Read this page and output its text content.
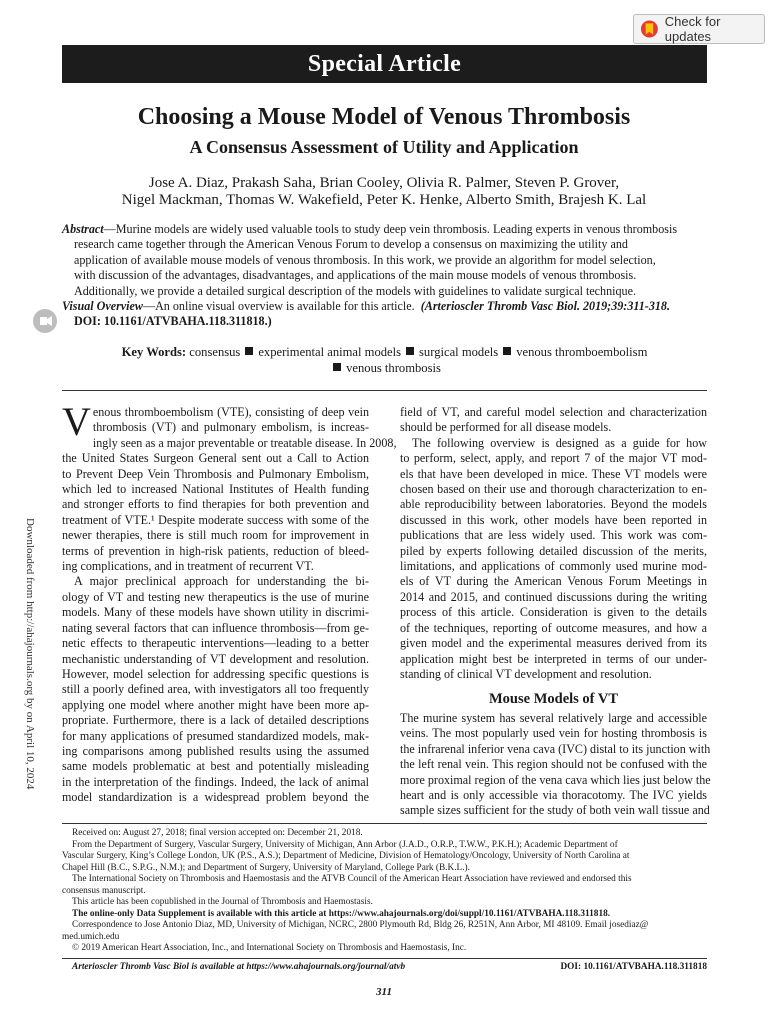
Check for updates
Special Article
Choosing a Mouse Model of Venous Thrombosis
A Consensus Assessment of Utility and Application
Jose A. Diaz, Prakash Saha, Brian Cooley, Olivia R. Palmer, Steven P. Grover,
Nigel Mackman, Thomas W. Wakefield, Peter K. Henke, Alberto Smith, Brajesh K. Lal
Abstract—Murine models are widely used valuable tools to study deep vein thrombosis. Leading experts in venous thrombosis
research came together through the American Venous Forum to develop a consensus on maximizing the utility and
application of available mouse models of venous thrombosis. In this work, we provide an algorithm for model selection,
with discussion of the advantages, disadvantages, and applications of the main mouse models of venous thrombosis.
Additionally, we provide a detailed surgical description of the models with guidelines to validate surgical technique.
Visual Overview—An online visual overview is available for this article. (Arterioscler Thromb Vasc Biol. 2019;39:311-318.
DOI: 10.1161/ATVBAHA.118.311818.)
Key Words: consensus experimental animal models surgical models venous thromboembolism
venous thrombosis
Downloaded from http://ahajournals.org by on April 10, 2024
V enous thromboembolism (VTE), consisting of deep vein
thrombosis (VT) and pulmonary embolism, is increas-
ingly seen as a major preventable or treatable disease. In 2008,
the United States Surgeon General sent out a Call to Action
to Prevent Deep Vein Thrombosis and Pulmonary Embolism,
which led to increased National Institutes of Health funding
and stronger efforts to find therapies for both prevention and
treatment of VTE.¹ Despite moderate success with some of the
newer therapies, there is still much room for improvement in
terms of prevention in high-risk patients, reduction of bleed-
ing complications, and in treatment of recurrent VT.
A major preclinical approach for understanding the bi-
ology of VT and testing new therapeutics is the use of murine
models. Many of these models have shown utility in discrimi-
nating several factors that can influence thrombosis—from ge-
netic effects to therapeutic interventions—leading to a better
mechanistic understanding of VT development and resolution.
However, model selection for addressing specific questions is
still a poorly defined area, with investigators all too frequently
applying one model where another might have been more ap-
propriate. Furthermore, there is a lack of detailed descriptions
for many applications of presumed standardized models, mak-
ing comparisons among published results using the assumed
same models problematic at best and potentially misleading
in the interpretation of the findings. Indeed, the lack of animal
model standardization is a widespread problem beyond the
field of VT, and careful model selection and characterization
should be performed for all disease models.
The following overview is designed as a guide for how
to perform, select, apply, and report 7 of the major VT mod-
els that have been developed in mice. These VT models were
chosen based on their use and thorough characterization to en-
able reproducibility between laboratories. Beyond the models
discussed in this work, other models have been reported in
publications that are less widely used. This work was com-
piled by experts following detailed discussion of the merits,
limitations, and applications of commonly used murine mod-
els of VT during the American Venous Forum Meetings in
2014 and 2015, and continued discussions during the writing
process of this article. Consideration is given to the details
of the techniques, reporting of outcome measures, and how a
given model and the experimental measures derived from its
application might best be interpreted in terms of our under-
standing of clinical VT development and resolution.
Mouse Models of VT
The murine system has several relatively large and accessible
veins. The most popularly used vein for hosting thrombosis is
the infrarenal inferior vena cava (IVC) distal to its junction with
the left renal vein. This region should not be confused with the
more proximal region of the vena cava which lies just below the
heart and is only accessible via thoracotomy. The IVC yields
sample sizes sufficient for the study of both vein wall tissue and
Received on: August 27, 2018; final version accepted on: December 21, 2018.
From the Department of Surgery, Vascular Surgery, University of Michigan, Ann Arbor (J.A.D., O.R.P., T.W.W., P.K.H.); Academic Department of
Vascular Surgery, King’s College London, UK (P.S., A.S.); Department of Medicine, Division of Hematology/Oncology, University of North Carolina at
Chapel Hill (B.C., S.P.G., N.M.); and Department of Surgery, University of Maryland, College Park (B.K.L.).
The International Society on Thrombosis and Haemostasis and the ATVB Council of the American Heart Association have reviewed and endorsed this
consensus manuscript.
This article has been copublished in the Journal of Thrombosis and Haemostasis.
The online-only Data Supplement is available with this article at https://www.ahajournals.org/doi/suppl/10.1161/ATVBAHA.118.311818.
Correspondence to Jose Antonio Diaz, MD, University of Michigan, NCRC, 2800 Plymouth Rd, Bldg 26, R251N, Ann Arbor, MI 48109. Email josediaz@
med.umich.edu
© 2019 American Heart Association, Inc., and International Society on Thrombosis and Haemostasis, Inc.
Arterioscler Thromb Vasc Biol is available at https://www.ahajournals.org/journal/atvb	DOI: 10.1161/ATVBAHA.118.311818
311
